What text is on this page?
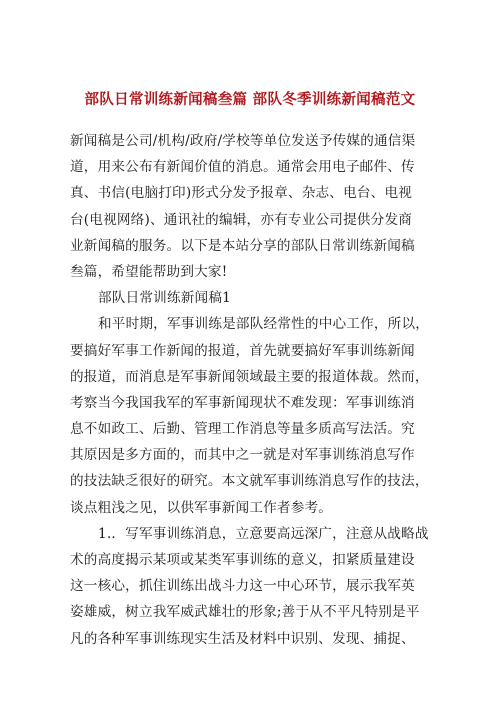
部队日常训练新闻稿叁篇 部队冬季训练新闻稿范文
新闻稿是公司/机构/政府/学校等单位发送予传媒的通信渠
道，用来公布有新闻价值的消息。通常会用电子邮件、传
真、书信(电脑打印)形式分发予报章、杂志、电台、电视
台(电视网络)、通讯社的编辑，亦有专业公司提供分发商
业新闻稿的服务。以下是本站分享的部队日常训练新闻稿
叁篇，希望能帮助到大家!
部队日常训练新闻稿1
和平时期，军事训练是部队经常性的中心工作，所以，
要搞好军事工作新闻的报道，首先就要搞好军事训练新闻
的报道，而消息是军事新闻领域最主要的报道体裁。然而，
考察当今我国我军的军事新闻现状不难发现：军事训练消
息不如政工、后勤、管理工作消息等量多质高写法活。究
其原因是多方面的，而其中之一就是对军事训练消息写作
的技法缺乏很好的研究。本文就军事训练消息写作的技法，
谈点粗浅之见，以供军事新闻工作者参考。
1.．写军事训练消息，立意要高远深广，注意从战略战
术的高度揭示某项或某类军事训练的意义，扣紧质量建设
这一核心，抓住训练出战斗力这一中心环节，展示我军英
姿雄威，树立我军威武雄壮的形象;善于从不平凡特别是平
凡的各种军事训练现实生活及材料中识别、发现、捕捉、
